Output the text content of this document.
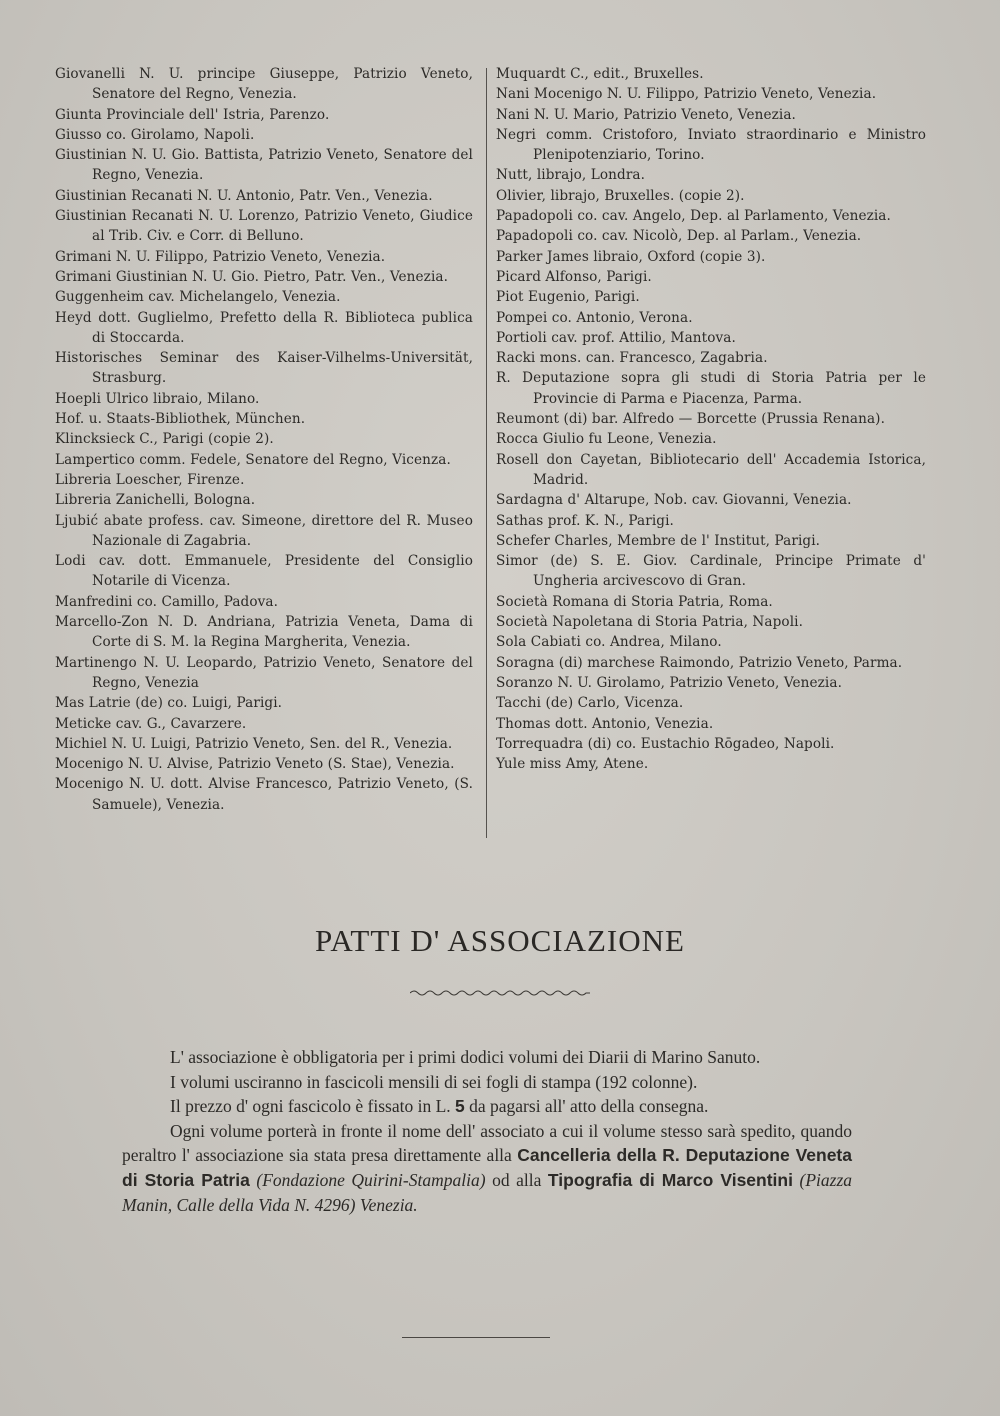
Giovanelli N. U. principe Giuseppe, Patrizio Veneto, Senatore del Regno, Venezia.
Giunta Provinciale dell' Istria, Parenzo.
Giusso co. Girolamo, Napoli.
Giustinian N. U. Gio. Battista, Patrizio Veneto, Senatore del Regno, Venezia.
Giustinian Recanati N. U. Antonio, Patr. Ven., Venezia.
Giustinian Recanati N. U. Lorenzo, Patrizio Veneto, Giudice al Trib. Civ. e Corr. di Belluno.
Grimani N. U. Filippo, Patrizio Veneto, Venezia.
Grimani Giustinian N. U. Gio. Pietro, Patr. Ven., Venezia.
Guggenheim cav. Michelangelo, Venezia.
Heyd dott. Guglielmo, Prefetto della R. Biblioteca publica di Stoccarda.
Historisches Seminar des Kaiser-Vilhelms-Universität, Strasburg.
Hoepli Ulrico libraio, Milano.
Hof. u. Staats-Bibliothek, München.
Klincksieck C., Parigi (copie 2).
Lampertico comm. Fedele, Senatore del Regno, Vicenza.
Libreria Loescher, Firenze.
Libreria Zanichelli, Bologna.
Ljubić abate profess. cav. Simeone, direttore del R. Museo Nazionale di Zagabria.
Lodi cav. dott. Emmanuele, Presidente del Consiglio Notarile di Vicenza.
Manfredini co. Camillo, Padova.
Marcello-Zon N. D. Andriana, Patrizia Veneta, Dama di Corte di S. M. la Regina Margherita, Venezia.
Martinengo N. U. Leopardo, Patrizio Veneto, Senatore del Regno, Venezia
Mas Latrie (de) co. Luigi, Parigi.
Meticke cav. G., Cavarzere.
Michiel N. U. Luigi, Patrizio Veneto, Sen. del R., Venezia.
Mocenigo N. U. Alvise, Patrizio Veneto (S. Stae), Venezia.
Mocenigo N. U. dott. Alvise Francesco, Patrizio Veneto, (S. Samuele), Venezia.
Muquardt C., edit., Bruxelles.
Nani Mocenigo N. U. Filippo, Patrizio Veneto, Venezia.
Nani N. U. Mario, Patrizio Veneto, Venezia.
Negri comm. Cristoforo, Inviato straordinario e Ministro Plenipotenziario, Torino.
Nutt, librajo, Londra.
Olivier, librajo, Bruxelles. (copie 2).
Papadopoli co. cav. Angelo, Dep. al Parlamento, Venezia.
Papadopoli co. cav. Nicolò, Dep. al Parlam., Venezia.
Parker James libraio, Oxford (copie 3).
Picard Alfonso, Parigi.
Piot Eugenio, Parigi.
Pompei co. Antonio, Verona.
Portioli cav. prof. Attilio, Mantova.
Racki mons. can. Francesco, Zagabria.
R. Deputazione sopra gli studi di Storia Patria per le Provincie di Parma e Piacenza, Parma.
Reumont (di) bar. Alfredo — Borcette (Prussia Renana).
Rocca Giulio fu Leone, Venezia.
Rosell don Cayetan, Bibliotecario dell' Accademia Istorica, Madrid.
Sardagna d' Altarupe, Nob. cav. Giovanni, Venezia.
Sathas prof. K. N., Parigi.
Schefer Charles, Membre de l' Institut, Parigi.
Simor (de) S. E. Giov. Cardinale, Principe Primate d' Ungheria arcivescovo di Gran.
Società Romana di Storia Patria, Roma.
Società Napoletana di Storia Patria, Napoli.
Sola Cabiati co. Andrea, Milano.
Soragna (di) marchese Raimondo, Patrizio Veneto, Parma.
Soranzo N. U. Girolamo, Patrizio Veneto, Venezia.
Tacchi (de) Carlo, Vicenza.
Thomas dott. Antonio, Venezia.
Torrequadra (di) co. Eustachio Rōgadeo, Napoli.
Yule miss Amy, Atene.
PATTI D' ASSOCIAZIONE

L' associazione è obbligatoria per i primi dodici volumi dei Diarii di Marino Sanuto.

I volumi usciranno in fascicoli mensili di sei fogli di stampa (192 colonne).

Il prezzo d' ogni fascicolo è fissato in L. 5 da pagarsi all' atto della consegna.

Ogni volume porterà in fronte il nome dell' associato a cui il volume stesso sarà spedito, quando peraltro l' associazione sia stata presa direttamente alla Cancelleria della R. Deputazione Veneta di Storia Patria (Fondazione Quirini-Stampalia) od alla Tipografia di Marco Visentini (Piazza Manin, Calle della Vida N. 4296) Venezia.
